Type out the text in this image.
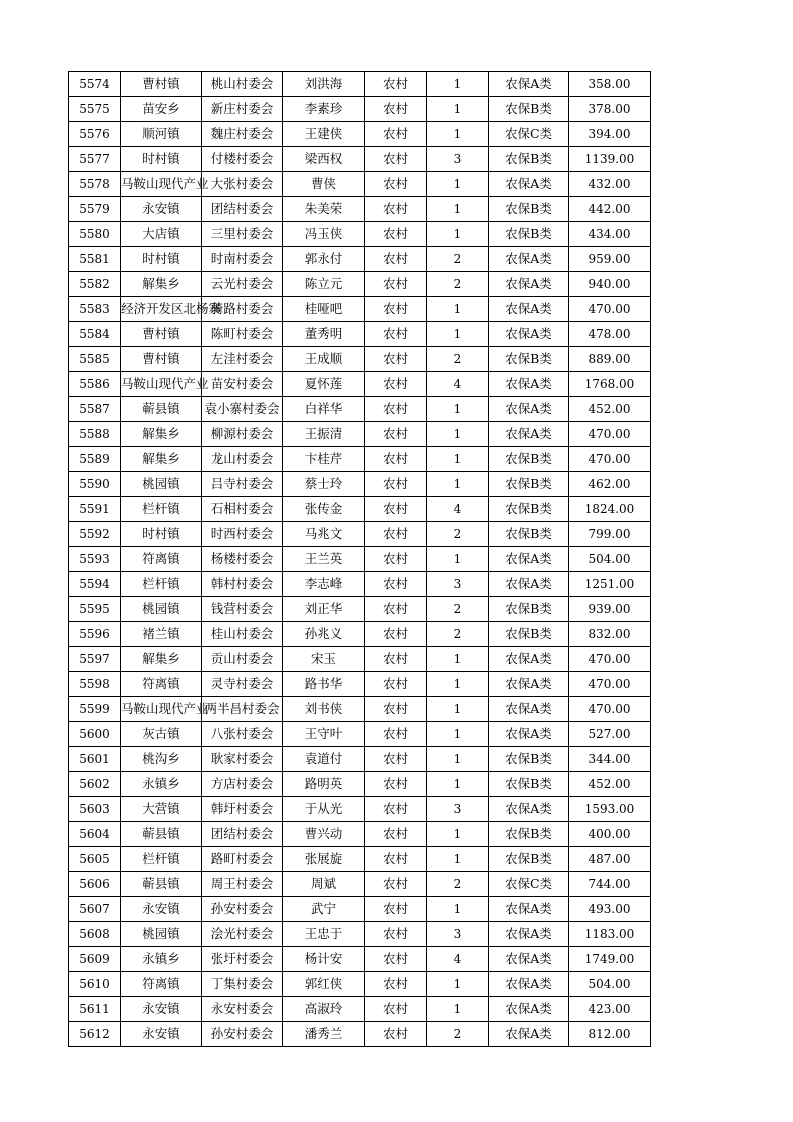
5574	曹村镇	桃山村委会	刘洪海	农村	1	农保A类	358.00
5575	苗安乡	新庄村委会	李素珍	农村	1	农保B类	378.00
5576	顺河镇	魏庄村委会	王建侠	农村	1	农保C类	394.00
5577	时村镇	付楼村委会	梁西权	农村	3	农保B类	1139.00
5578	马鞍山现代产业	大张村委会	曹侠	农村	1	农保A类	432.00
5579	永安镇	团结村委会	朱美荣	农村	1	农保B类	442.00
5580	大店镇	三里村委会	冯玉侠	农村	1	农保B类	434.00
5581	时村镇	时南村委会	郭永付	农村	2	农保A类	959.00
5582	解集乡	云光村委会	陈立元	农村	2	农保A类	940.00
5583	经济开发区北杨寨	骑路村委会	桂哑吧	农村	1	农保A类	470.00
5584	曹村镇	陈町村委会	董秀明	农村	1	农保A类	478.00
5585	曹村镇	左洼村委会	王成顺	农村	2	农保B类	889.00
5586	马鞍山现代产业	苗安村委会	夏怀莲	农村	4	农保A类	1768.00
5587	蕲县镇	袁小寨村委会	白祥华	农村	1	农保A类	452.00
5588	解集乡	柳源村委会	王振清	农村	1	农保A类	470.00
5589	解集乡	龙山村委会	卞桂芹	农村	1	农保B类	470.00
5590	桃园镇	吕寺村委会	蔡士玲	农村	1	农保B类	462.00
5591	栏杆镇	石相村委会	张传金	农村	4	农保B类	1824.00
5592	时村镇	时西村委会	马兆文	农村	2	农保B类	799.00
5593	符离镇	杨楼村委会	王兰英	农村	1	农保A类	504.00
5594	栏杆镇	韩村村委会	李志峰	农村	3	农保A类	1251.00
5595	桃园镇	钱营村委会	刘正华	农村	2	农保B类	939.00
5596	褚兰镇	桂山村委会	孙兆义	农村	2	农保B类	832.00
5597	解集乡	贡山村委会	宋玉	农村	1	农保A类	470.00
5598	符离镇	灵寺村委会	路书华	农村	1	农保A类	470.00
5599	马鞍山现代产业	两半昌村委会	刘书侠	农村	1	农保A类	470.00
5600	灰古镇	八张村委会	王守叶	农村	1	农保A类	527.00
5601	桃沟乡	耿家村委会	袁道付	农村	1	农保B类	344.00
5602	永镇乡	方店村委会	路明英	农村	1	农保B类	452.00
5603	大营镇	韩圩村委会	于从光	农村	3	农保A类	1593.00
5604	蕲县镇	团结村委会	曹兴动	农村	1	农保B类	400.00
5605	栏杆镇	路町村委会	张展旋	农村	1	农保B类	487.00
5606	蕲县镇	周王村委会	周斌	农村	2	农保C类	744.00
5607	永安镇	孙安村委会	武宁	农村	1	农保A类	493.00
5608	桃园镇	浍光村委会	王忠于	农村	3	农保A类	1183.00
5609	永镇乡	张圩村委会	杨计安	农村	4	农保A类	1749.00
5610	符离镇	丁集村委会	郭红侠	农村	1	农保A类	504.00
5611	永安镇	永安村委会	高淑玲	农村	1	农保A类	423.00
5612	永安镇	孙安村委会	潘秀兰	农村	2	农保A类	812.00
